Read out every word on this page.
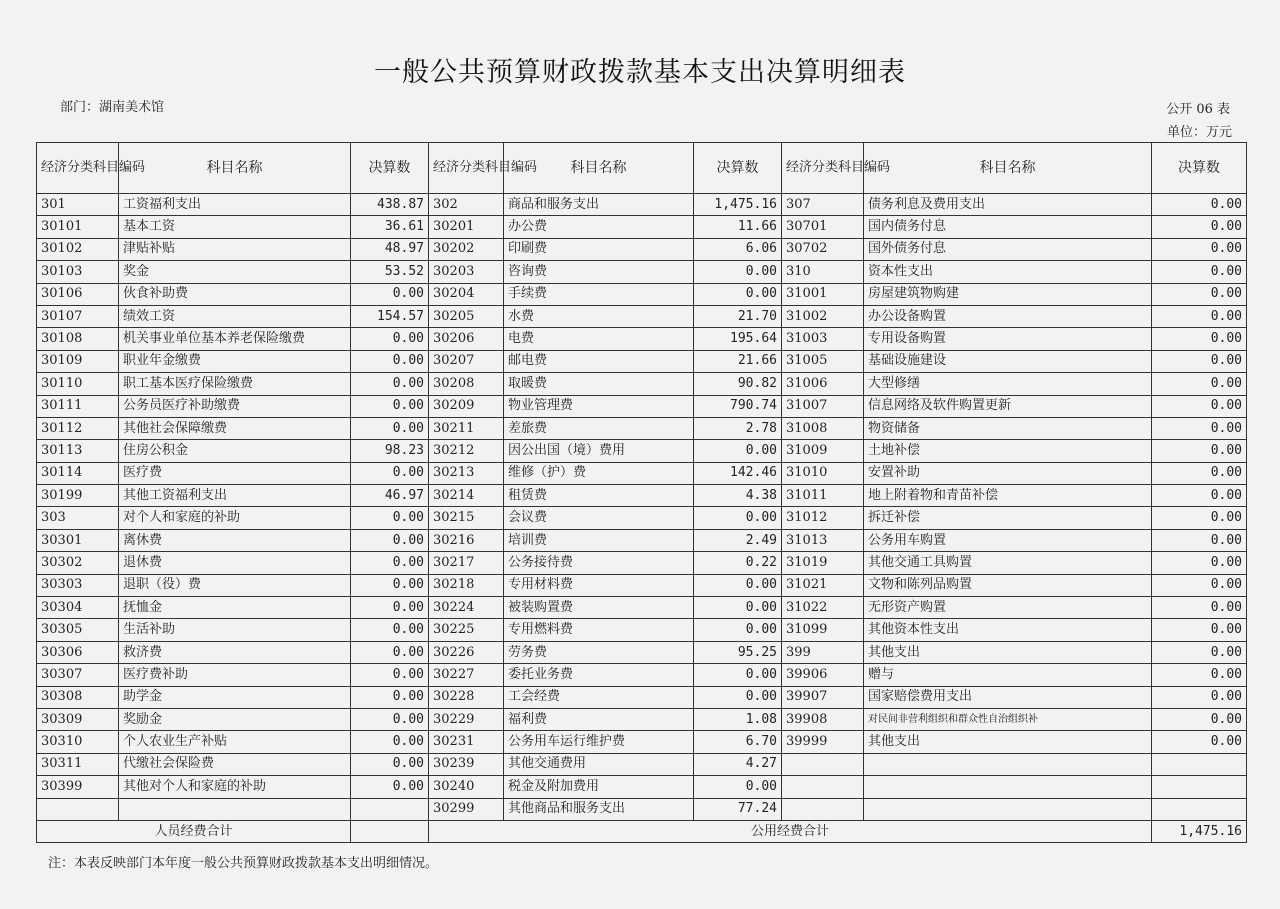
一般公共预算财政拨款基本支出决算明细表
部门：湖南美术馆	公开 06 表
单位：万元
经济分类科目编码	科目名称	决算数	经济分类科目编码	科目名称	决算数	经济分类科目编码	科目名称	决算数
301	工资福利支出	438.87	302	商品和服务支出	1,475.16	307	债务利息及费用支出	0.00
30101	基本工资	36.61	30201	办公费	11.66	30701	国内债务付息	0.00
30102	津贴补贴	48.97	30202	印刷费	6.06	30702	国外债务付息	0.00
30103	奖金	53.52	30203	咨询费	0.00	310	资本性支出	0.00
30106	伙食补助费	0.00	30204	手续费	0.00	31001	房屋建筑物购建	0.00
30107	绩效工资	154.57	30205	水费	21.70	31002	办公设备购置	0.00
30108	机关事业单位基本养老保险缴费	0.00	30206	电费	195.64	31003	专用设备购置	0.00
30109	职业年金缴费	0.00	30207	邮电费	21.66	31005	基础设施建设	0.00
30110	职工基本医疗保险缴费	0.00	30208	取暖费	90.82	31006	大型修缮	0.00
30111	公务员医疗补助缴费	0.00	30209	物业管理费	790.74	31007	信息网络及软件购置更新	0.00
30112	其他社会保障缴费	0.00	30211	差旅费	2.78	31008	物资储备	0.00
30113	住房公积金	98.23	30212	因公出国（境）费用	0.00	31009	土地补偿	0.00
30114	医疗费	0.00	30213	维修（护）费	142.46	31010	安置补助	0.00
30199	其他工资福利支出	46.97	30214	租赁费	4.38	31011	地上附着物和青苗补偿	0.00
303	对个人和家庭的补助	0.00	30215	会议费	0.00	31012	拆迁补偿	0.00
30301	离休费	0.00	30216	培训费	2.49	31013	公务用车购置	0.00
30302	退休费	0.00	30217	公务接待费	0.22	31019	其他交通工具购置	0.00
30303	退职（役）费	0.00	30218	专用材料费	0.00	31021	文物和陈列品购置	0.00
30304	抚恤金	0.00	30224	被装购置费	0.00	31022	无形资产购置	0.00
30305	生活补助	0.00	30225	专用燃料费	0.00	31099	其他资本性支出	0.00
30306	救济费	0.00	30226	劳务费	95.25	399	其他支出	0.00
30307	医疗费补助	0.00	30227	委托业务费	0.00	39906	赠与	0.00
30308	助学金	0.00	30228	工会经费	0.00	39907	国家赔偿费用支出	0.00
30309	奖励金	0.00	30229	福利费	1.08	39908	对民间非营利组织和群众性自治组织补	0.00
30310	个人农业生产补贴	0.00	30231	公务用车运行维护费	6.70	39999	其他支出	0.00
30311	代缴社会保险费	0.00	30239	其他交通费用	4.27			
30399	其他对个人和家庭的补助	0.00	30240	税金及附加费用	0.00			
			30299	其他商品和服务支出	77.24			
人员经费合计			公用经费合计					1,475.16
注：本表反映部门本年度一般公共预算财政拨款基本支出明细情况。
